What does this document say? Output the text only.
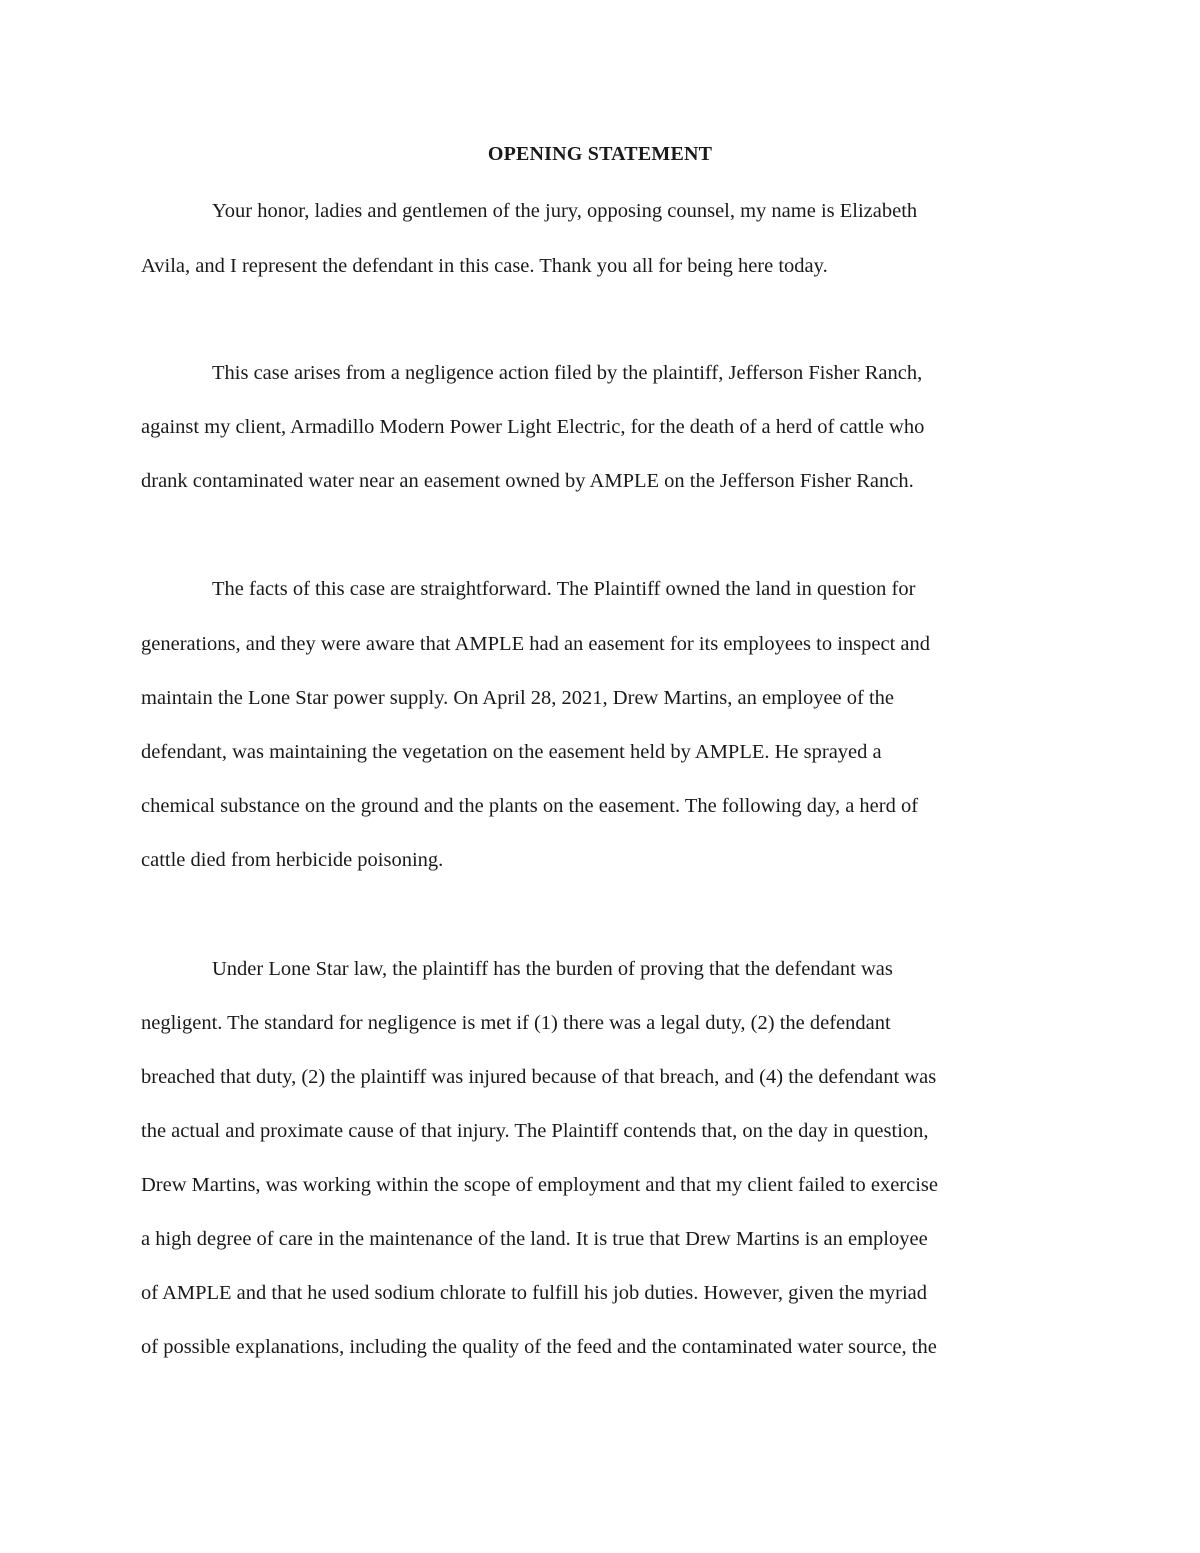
OPENING STATEMENT
Your honor, ladies and gentlemen of the jury, opposing counsel, my name is Elizabeth
Avila, and I represent the defendant in this case. Thank you all for being here today.
This case arises from a negligence action filed by the plaintiff, Jefferson Fisher Ranch,
against my client, Armadillo Modern Power Light Electric, for the death of a herd of cattle who
drank contaminated water near an easement owned by AMPLE on the Jefferson Fisher Ranch.
The facts of this case are straightforward. The Plaintiff owned the land in question for
generations, and they were aware that AMPLE had an easement for its employees to inspect and
maintain the Lone Star power supply. On April 28, 2021, Drew Martins, an employee of the
defendant, was maintaining the vegetation on the easement held by AMPLE. He sprayed a
chemical substance on the ground and the plants on the easement. The following day, a herd of
cattle died from herbicide poisoning.
Under Lone Star law, the plaintiff has the burden of proving that the defendant was
negligent. The standard for negligence is met if (1) there was a legal duty, (2) the defendant
breached that duty, (2) the plaintiff was injured because of that breach, and (4) the defendant was
the actual and proximate cause of that injury. The Plaintiff contends that, on the day in question,
Drew Martins, was working within the scope of employment and that my client failed to exercise
a high degree of care in the maintenance of the land. It is true that Drew Martins is an employee
of AMPLE and that he used sodium chlorate to fulfill his job duties. However, given the myriad
of possible explanations, including the quality of the feed and the contaminated water source, the
